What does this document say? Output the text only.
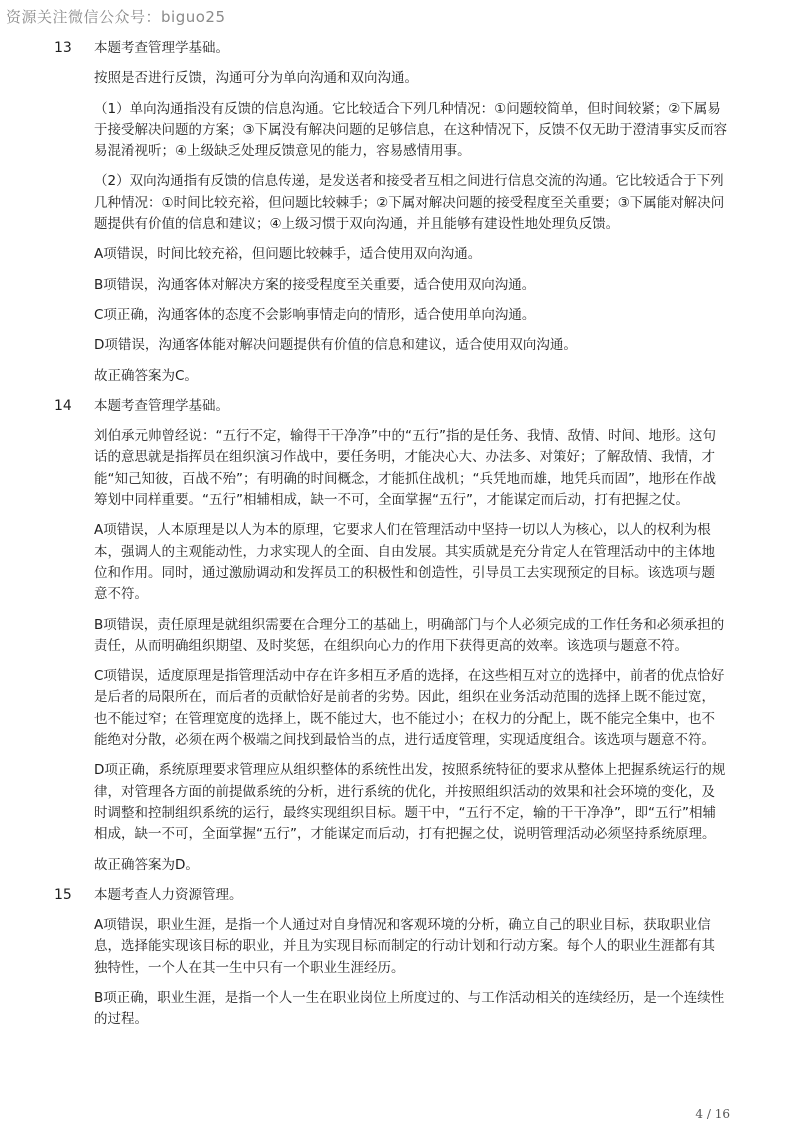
资源关注微信公众号：biguo25
13 本题考查管理学基础。
按照是否进行反馈，沟通可分为单向沟通和双向沟通。
（1）单向沟通指没有反馈的信息沟通。它比较适合下列几种情况：①问题较简单，但时间较紧；②下属易于接受解决问题的方案；③下属没有解决问题的足够信息，在这种情况下，反馈不仅无助于澄清事实反而容易混淆视听；④上级缺乏处理反馈意见的能力，容易感情用事。
（2）双向沟通指有反馈的信息传递，是发送者和接受者互相之间进行信息交流的沟通。它比较适合于下列几种情况：①时间比较充裕，但问题比较棘手；②下属对解决问题的接受程度至关重要；③下属能对解决问题提供有价值的信息和建议；④上级习惯于双向沟通，并且能够有建设性地处理负反馈。
A项错误，时间比较充裕，但问题比较棘手，适合使用双向沟通。
B项错误，沟通客体对解决方案的接受程度至关重要，适合使用双向沟通。
C项正确，沟通客体的态度不会影响事情走向的情形，适合使用单向沟通。
D项错误，沟通客体能对解决问题提供有价值的信息和建议，适合使用双向沟通。
故正确答案为C。
14 本题考查管理学基础。
刘伯承元帅曾经说：“五行不定，输得干干净净”中的“五行”指的是任务、我情、敌情、时间、地形。这句话的意思就是指挥员在组织演习作战中，要任务明，才能决心大、办法多、对策好；了解敌情、我情，才能“知己知彼，百战不殆”；有明确的时间概念，才能抓住战机；“兵凭地而雄，地凭兵而固”，地形在作战筹划中同样重要。“五行”相辅相成，缺一不可，全面掌握“五行”，才能谋定而后动，打有把握之仗。
A项错误，人本原理是以人为本的原理，它要求人们在管理活动中坚持一切以人为核心，以人的权利为根本，强调人的主观能动性，力求实现人的全面、自由发展。其实质就是充分肯定人在管理活动中的主体地位和作用。同时，通过激励调动和发挥员工的积极性和创造性，引导员工去实现预定的目标。该选项与题意不符。
B项错误，责任原理是就组织需要在合理分工的基础上，明确部门与个人必须完成的工作任务和必须承担的责任，从而明确组织期望、及时奖惩，在组织向心力的作用下获得更高的效率。该选项与题意不符。
C项错误，适度原理是指管理活动中存在许多相互矛盾的选择，在这些相互对立的选择中，前者的优点恰好是后者的局限所在，而后者的贡献恰好是前者的劣势。因此，组织在业务活动范围的选择上既不能过宽，也不能过窄；在管理宽度的选择上，既不能过大，也不能过小；在权力的分配上，既不能完全集中，也不能绝对分散，必须在两个极端之间找到最恰当的点，进行适度管理，实现适度组合。该选项与题意不符。
D项正确，系统原理要求管理应从组织整体的系统性出发，按照系统特征的要求从整体上把握系统运行的规律，对管理各方面的前提做系统的分析，进行系统的优化，并按照组织活动的效果和社会环境的变化，及时调整和控制组织系统的运行，最终实现组织目标。题干中，“五行不定，输的干干净净”，即“五行”相辅相成，缺一不可，全面掌握“五行”，才能谋定而后动，打有把握之仗，说明管理活动必须坚持系统原理。
故正确答案为D。
15 本题考查人力资源管理。
A项错误，职业生涯，是指一个人通过对自身情况和客观环境的分析，确立自己的职业目标，获取职业信息，选择能实现该目标的职业，并且为实现目标而制定的行动计划和行动方案。每个人的职业生涯都有其独特性，一个人在其一生中只有一个职业生涯经历。
B项正确，职业生涯，是指一个人一生在职业岗位上所度过的、与工作活动相关的连续经历，是一个连续性的过程。
4 / 16
